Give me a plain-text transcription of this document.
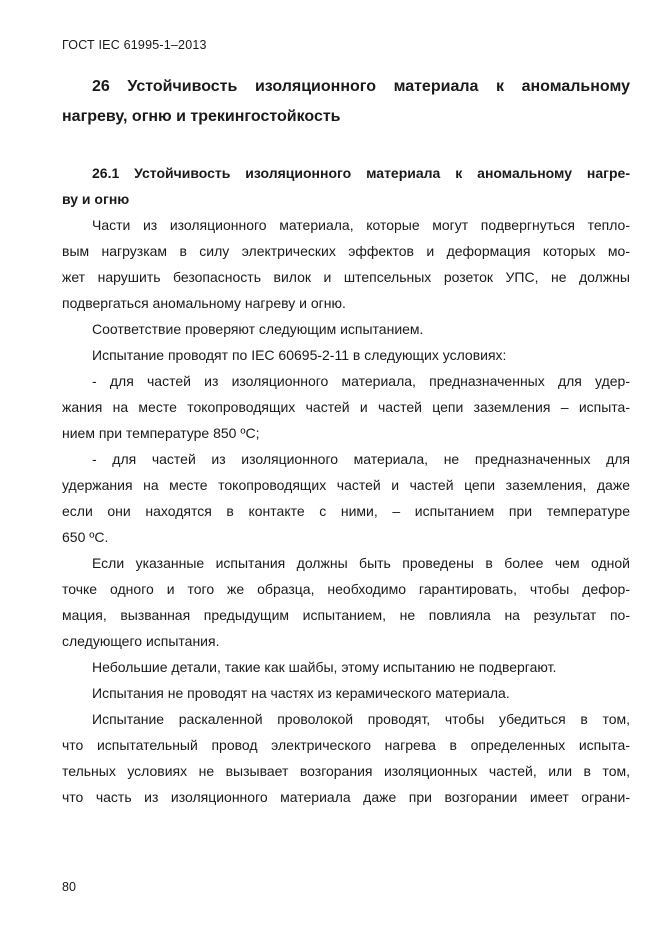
ГОСТ IEC 61995-1–2013
26 Устойчивость изоляционного материала к аномальному
нагреву, огню и трекингостойкость
26.1 Устойчивость изоляционного материала к аномальному нагре-
ву и огню
Части из изоляционного материала, которые могут подвергнуться тепло-
вым нагрузкам в силу электрических эффектов и деформация которых мо-
жет нарушить безопасность вилок и штепсельных розеток УПС, не должны
подвергаться аномальному нагреву и огню.
Соответствие проверяют следующим испытанием.
Испытание проводят по IEC 60695-2-11 в следующих условиях:
- для частей из изоляционного материала, предназначенных для удер-
жания на месте токопроводящих частей и частей цепи заземления – испыта-
нием при температуре 850 ºС;
- для частей из изоляционного материала, не предназначенных для
удержания на месте токопроводящих частей и частей цепи заземления, даже
если они находятся в контакте с ними, – испытанием при температуре
650 ºС.
Если указанные испытания должны быть проведены в более чем одной
точке одного и того же образца, необходимо гарантировать, чтобы дефор-
мация, вызванная предыдущим испытанием, не повлияла на результат по-
следующего испытания.
Небольшие детали, такие как шайбы, этому испытанию не подвергают.
Испытания не проводят на частях из керамического материала.
Испытание раскаленной проволокой проводят, чтобы убедиться в том,
что испытательный провод электрического нагрева в определенных испыта-
тельных условиях не вызывает возгорания изоляционных частей, или в том,
что часть из изоляционного материала даже при возгорании имеет ограни-
80
